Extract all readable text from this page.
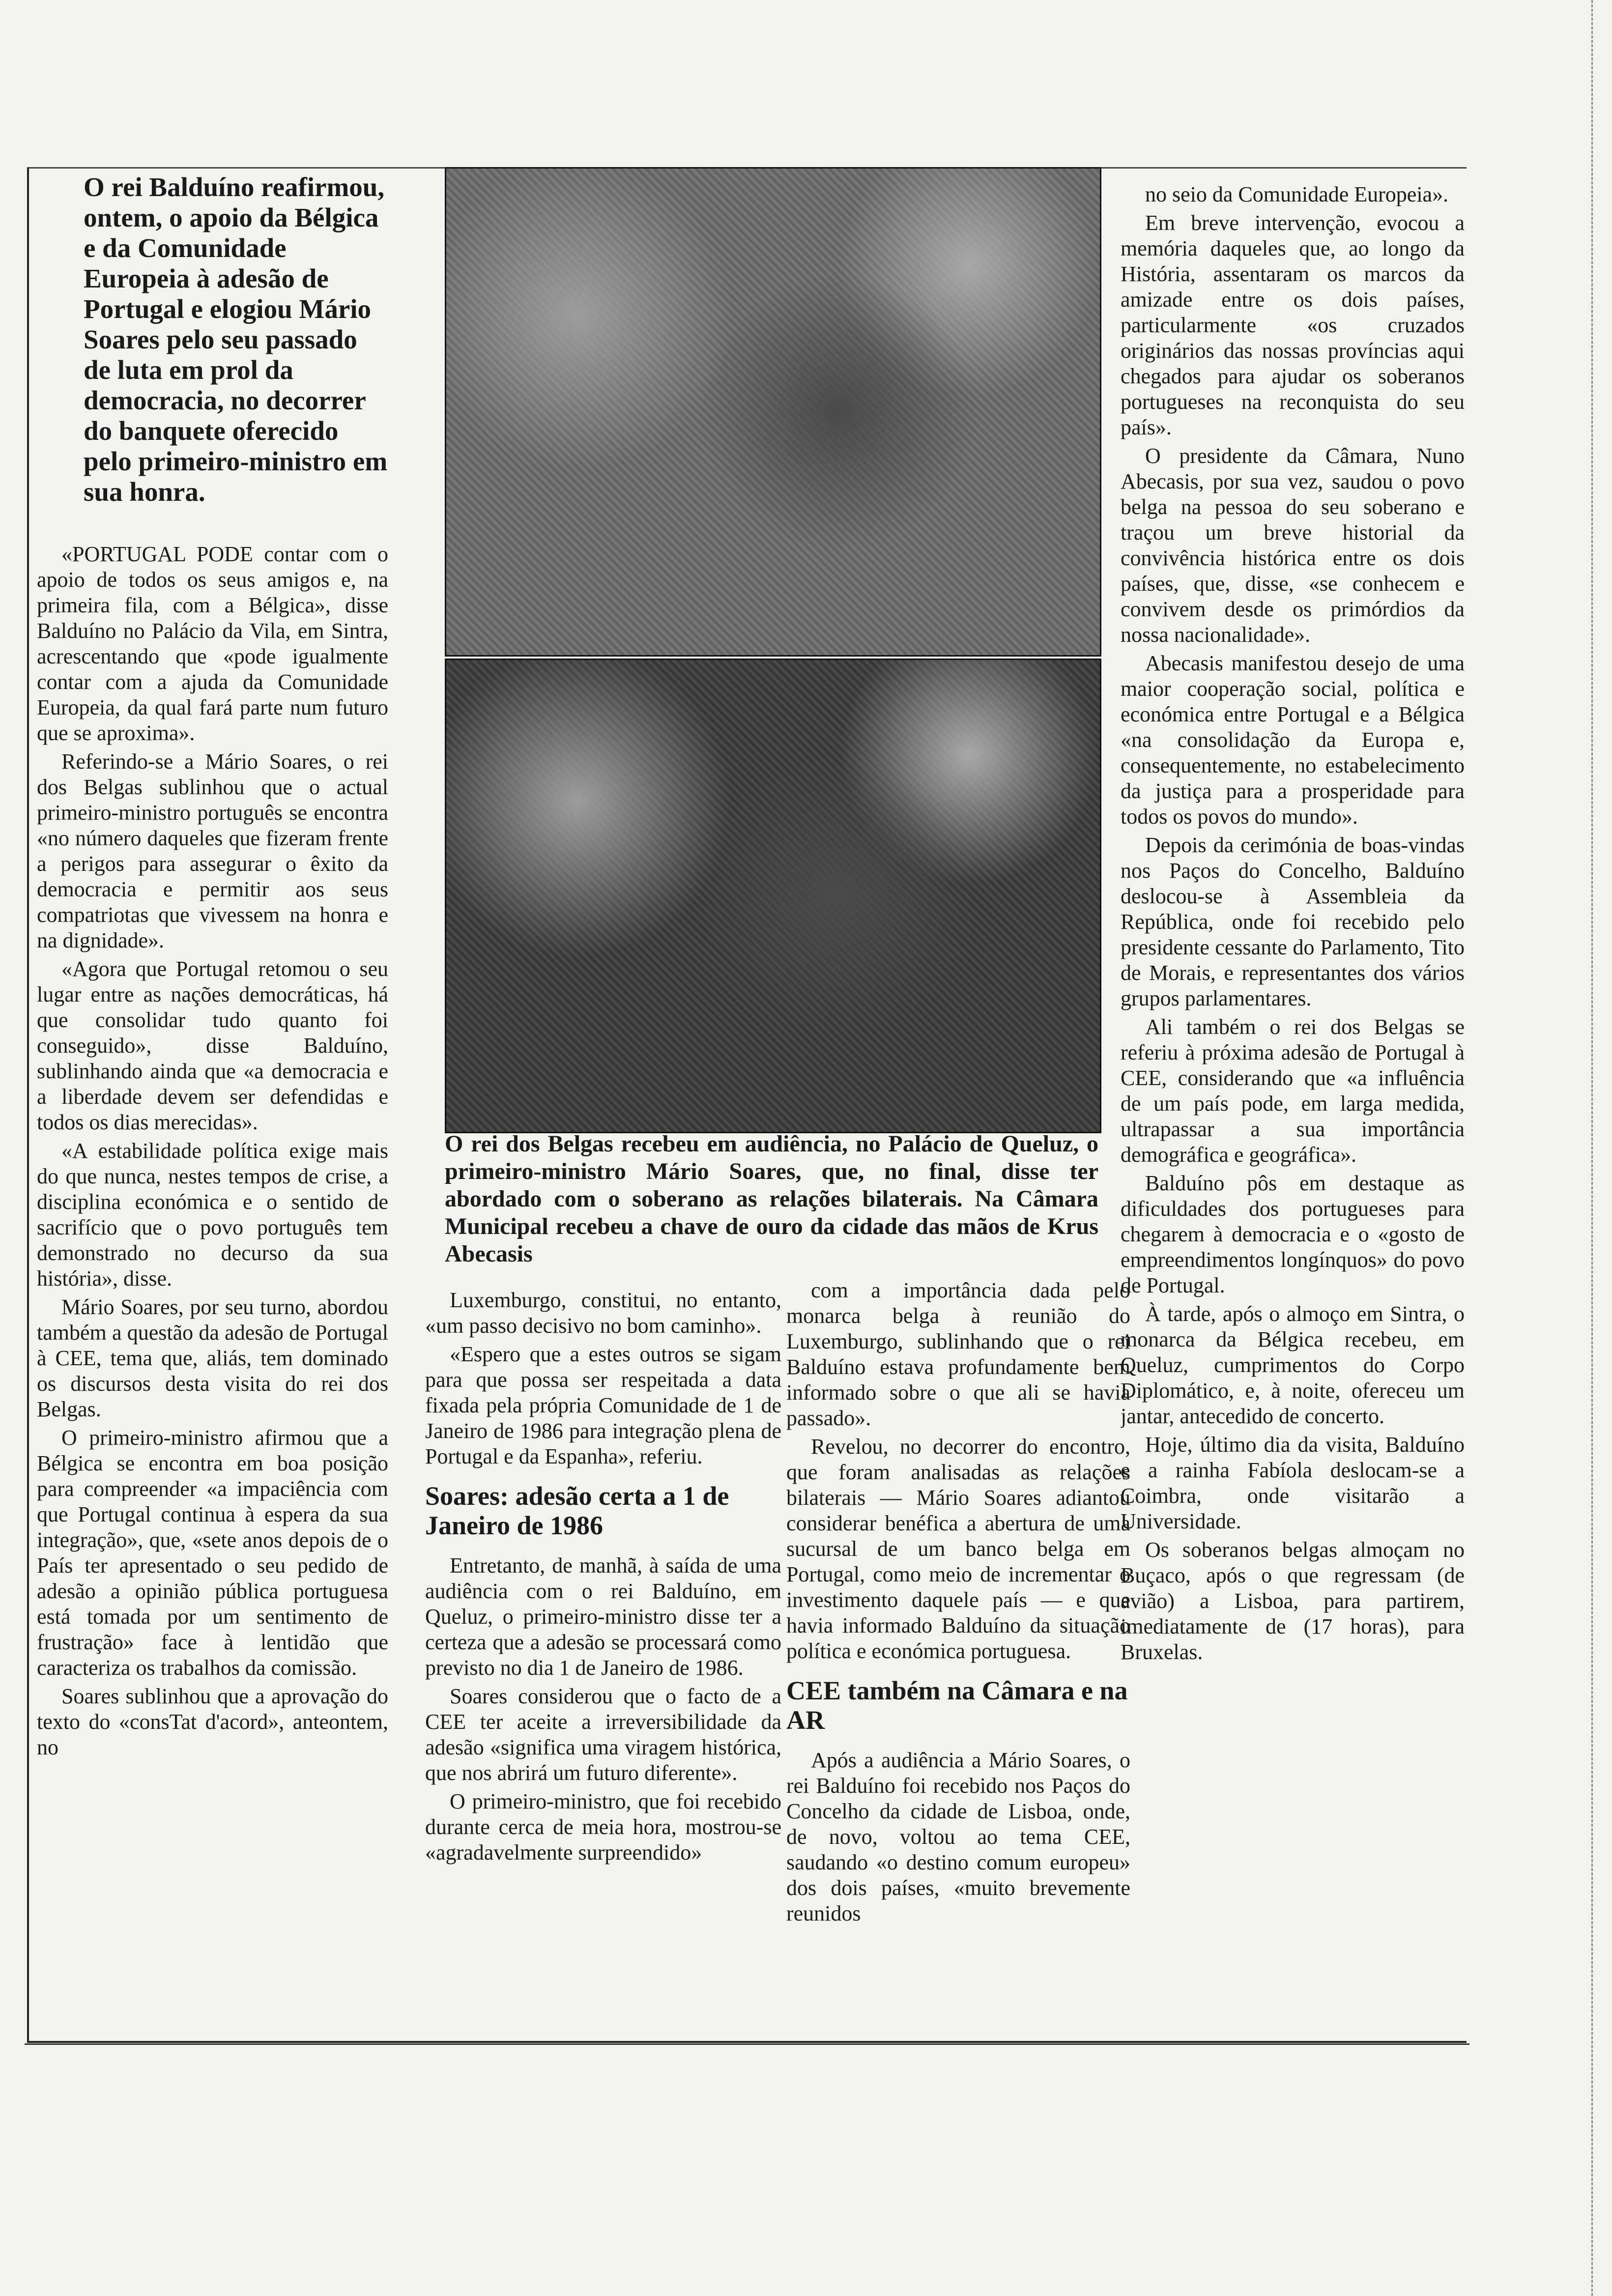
O rei Balduíno reafirmou, ontem, o apoio da Bélgica e da Comunidade Europeia à adesão de Portugal e elogiou Mário Soares pelo seu passado de luta em prol da democracia, no decorrer do banquete oferecido pelo primeiro-ministro em sua honra.

«PORTUGAL PODE contar com o apoio de todos os seus amigos e, na primeira fila, com a Bélgica», disse Balduíno no Palácio da Vila, em Sintra, acrescentando que «pode igualmente contar com a ajuda da Comunidade Europeia, da qual fará parte num futuro que se aproxima».

Referindo-se a Mário Soares, o rei dos Belgas sublinhou que o actual primeiro-ministro português se encontra «no número daqueles que fizeram frente a perigos para assegurar o êxito da democracia e permitir aos seus compatriotas que vivessem na honra e na dignidade».

«Agora que Portugal retomou o seu lugar entre as nações democráticas, há que consolidar tudo quanto foi conseguido», disse Balduíno, sublinhando ainda que «a democracia e a liberdade devem ser defendidas e todos os dias merecidas».

«A estabilidade política exige mais do que nunca, nestes tempos de crise, a disciplina económica e o sentido de sacrifício que o povo português tem demonstrado no decurso da sua história», disse.

Mário Soares, por seu turno, abordou também a questão da adesão de Portugal à CEE, tema que, aliás, tem dominado os discursos desta visita do rei dos Belgas.

O primeiro-ministro afirmou que a Bélgica se encontra em boa posição para compreender «a impaciência com que Portugal continua à espera da sua integração», que, «sete anos depois de o País ter apresentado o seu pedido de adesão a opinião pública portuguesa está tomada por um sentimento de frustração» face à lentidão que caracteriza os trabalhos da comissão.

Soares sublinhou que a aprovação do texto do «consTat d'acord», anteontem, no

O rei dos Belgas recebeu em audiência, no Palácio de Queluz, o primeiro-ministro Mário Soares, que, no final, disse ter abordado com o soberano as relações bilaterais. Na Câmara Municipal recebeu a chave de ouro da cidade das mãos de Krus Abecasis

Luxemburgo, constitui, no entanto, «um passo decisivo no bom caminho».

«Espero que a estes outros se sigam para que possa ser respeitada a data fixada pela própria Comunidade de 1 de Janeiro de 1986 para integração plena de Portugal e da Espanha», referiu.

Soares: adesão certa a 1 de Janeiro de 1986

Entretanto, de manhã, à saída de uma audiência com o rei Balduíno, em Queluz, o primeiro-ministro disse ter a certeza que a adesão se processará como previsto no dia 1 de Janeiro de 1986.

Soares considerou que o facto de a CEE ter aceite a irreversibilidade da adesão «significa uma viragem histórica, que nos abrirá um futuro diferente».

O primeiro-ministro, que foi recebido durante cerca de meia hora, mostrou-se «agradavelmente surpreendido»

com a importância dada pelo monarca belga à reunião do Luxemburgo, sublinhando que o rei Balduíno estava profundamente bem informado sobre o que ali se havia passado».

Revelou, no decorrer do encontro, que foram analisadas as relações bilaterais — Mário Soares adiantou considerar benéfica a abertura de uma sucursal de um banco belga em Portugal, como meio de incrementar o investimento daquele país — e que havia informado Balduíno da situação política e económica portuguesa.

CEE também na Câmara e na AR

Após a audiência a Mário Soares, o rei Balduíno foi recebido nos Paços do Concelho da cidade de Lisboa, onde, de novo, voltou ao tema CEE, saudando «o destino comum europeu» dos dois países, «muito brevemente reunidos

no seio da Comunidade Europeia».

Em breve intervenção, evocou a memória daqueles que, ao longo da História, assentaram os marcos da amizade entre os dois países, particularmente «os cruzados originários das nossas províncias aqui chegados para ajudar os soberanos portugueses na reconquista do seu país».

O presidente da Câmara, Nuno Abecasis, por sua vez, saudou o povo belga na pessoa do seu soberano e traçou um breve historial da convivência histórica entre os dois países, que, disse, «se conhecem e convivem desde os primórdios da nossa nacionalidade».

Abecasis manifestou desejo de uma maior cooperação social, política e económica entre Portugal e a Bélgica «na consolidação da Europa e, consequentemente, no estabelecimento da justiça para a prosperidade para todos os povos do mundo».

Depois da cerimónia de boas-vindas nos Paços do Concelho, Balduíno deslocou-se à Assembleia da República, onde foi recebido pelo presidente cessante do Parlamento, Tito de Morais, e representantes dos vários grupos parlamentares.

Ali também o rei dos Belgas se referiu à próxima adesão de Portugal à CEE, considerando que «a influência de um país pode, em larga medida, ultrapassar a sua importância demográfica e geográfica».

Balduíno pôs em destaque as dificuldades dos portugueses para chegarem à democracia e o «gosto de empreendimentos longínquos» do povo de Portugal.

À tarde, após o almoço em Sintra, o monarca da Bélgica recebeu, em Queluz, cumprimentos do Corpo Diplomático, e, à noite, ofereceu um jantar, antecedido de concerto.

Hoje, último dia da visita, Balduíno e a rainha Fabíola deslocam-se a Coimbra, onde visitarão a Universidade.

Os soberanos belgas almoçam no Buçaco, após o que regressam (de avião) a Lisboa, para partirem, imediatamente de (17 horas), para Bruxelas.
